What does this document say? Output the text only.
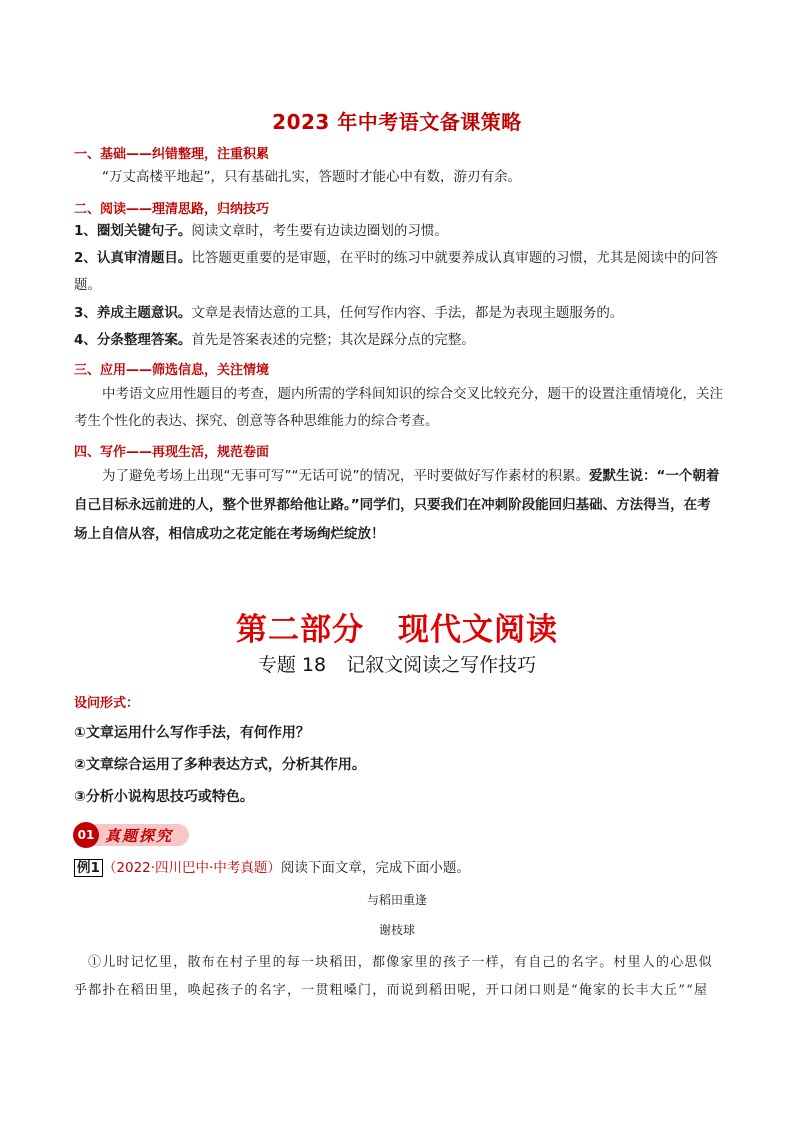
2023 年中考语文备课策略
一、基础——纠错整理，注重积累
“万丈高楼平地起”，只有基础扎实，答题时才能心中有数，游刃有余。
二、阅读——理清思路，归纳技巧
1、圈划关键句子。阅读文章时，考生要有边读边圈划的习惯。
2、认真审清题目。比答题更重要的是审题，在平时的练习中就要养成认真审题的习惯，尤其是阅读中的问答题。
3、养成主题意识。文章是表情达意的工具，任何写作内容、手法，都是为表现主题服务的。
4、分条整理答案。首先是答案表述的完整；其次是踩分点的完整。
三、应用——筛选信息，关注情境
中考语文应用性题目的考查，题内所需的学科间知识的综合交叉比较充分，题干的设置注重情境化，关注考生个性化的表达、探究、创意等各种思维能力的综合考查。
四、写作——再现生活，规范卷面
为了避免考场上出现“无事可写”“无话可说”的情况，平时要做好写作素材的积累。爱默生说：“一个朝着自己目标永远前进的人，整个世界都给他让路。”同学们，只要我们在冲刺阶段能回归基础、方法得当，在考场上自信从容，相信成功之花定能在考场绚烂绽放！
第二部分 现代文阅读
专题 18 记叙文阅读之写作技巧
设问形式：
①文章运用什么写作手法，有何作用？
②文章综合运用了多种表达方式，分析其作用。
③分析小说构思技巧或特色。
01 真题探究
例1 （2022·四川巴中·中考真题）阅读下面文章，完成下面小题。
与稻田重逢
谢枝球
①儿时记忆里，散布在村子里的每一块稻田，都像家里的孩子一样，有自己的名字。村里人的心思似乎都扑在稻田里，唤起孩子的名字，一贯粗嗓门，而说到稻田呢，开口闭口则是“俺家的长丰大丘”“屋
